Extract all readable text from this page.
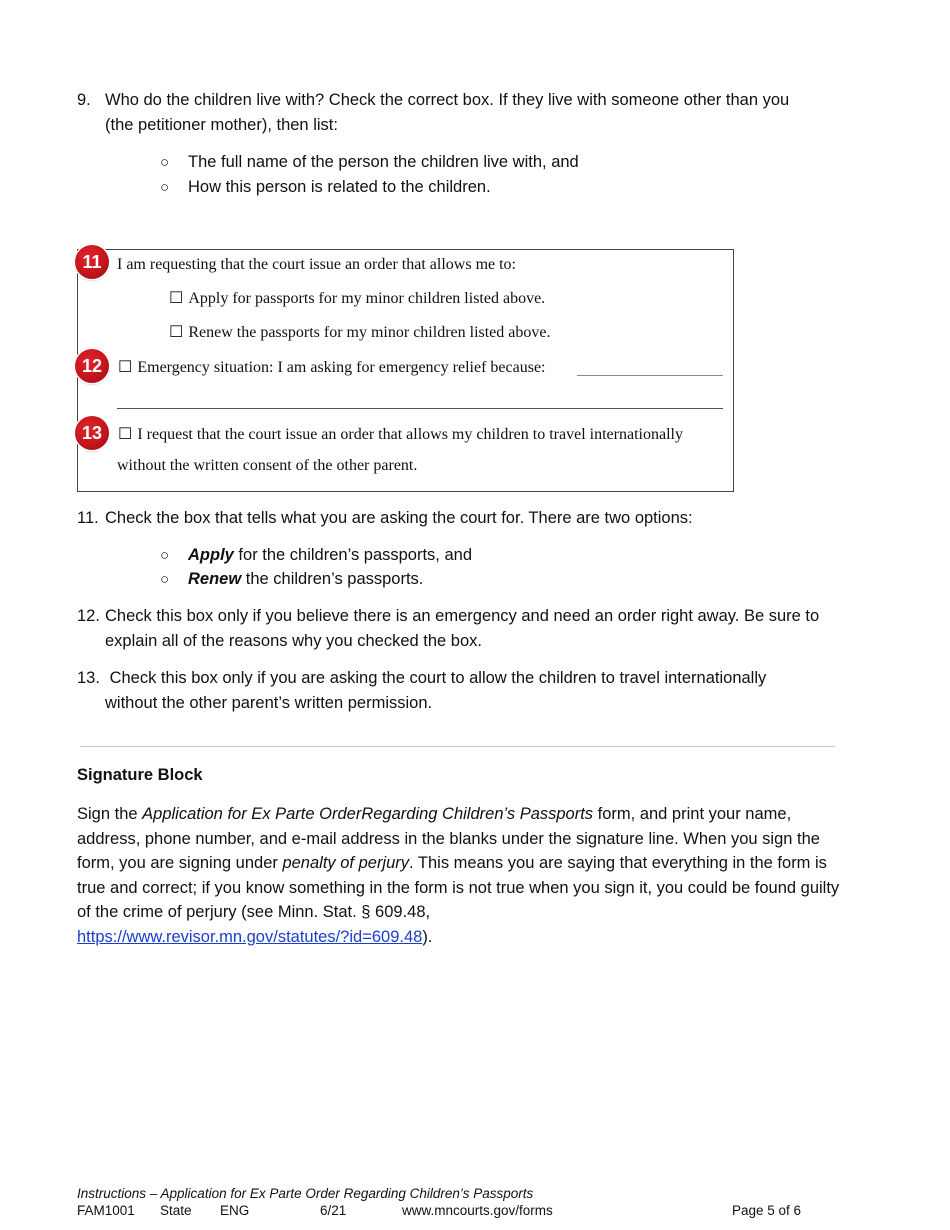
9. Who do the children live with? Check the correct box. If they live with someone other than you
(the petitioner mother), then list:
○ The full name of the person the children live with, and
○ How this person is related to the children.
11 I am requesting that the court issue an order that allows me to:
☐ Apply for passports for my minor children listed above.
☐ Renew the passports for my minor children listed above.
12 ☐ Emergency situation: I am asking for emergency relief because:
13 ☐ I request that the court issue an order that allows my children to travel internationally
without the written consent of the other parent.
11. Check the box that tells what you are asking the court for. There are two options:
○ Apply for the children’s passports, and
○ Renew the children’s passports.
12. Check this box only if you believe there is an emergency and need an order right away. Be sure to
explain all of the reasons why you checked the box.
13. Check this box only if you are asking the court to allow the children to travel internationally
without the other parent’s written permission.
Signature Block
Sign the Application for Ex Parte OrderRegarding Children’s Passports form, and print your name, address, phone number, and e-mail address in the blanks under the signature line. When you sign the form, you are signing under penalty of perjury. This means you are saying that everything in the form is true and correct; if you know something in the form is not true when you sign it, you could be found guilty of the crime of perjury (see Minn. Stat. § 609.48,
https://www.revisor.mn.gov/statutes/?id=609.48).
Instructions – Application for Ex Parte Order Regarding Children’s Passports
FAM1001 State ENG	6/21	www.mncourts.gov/forms	Page 5 of 6
